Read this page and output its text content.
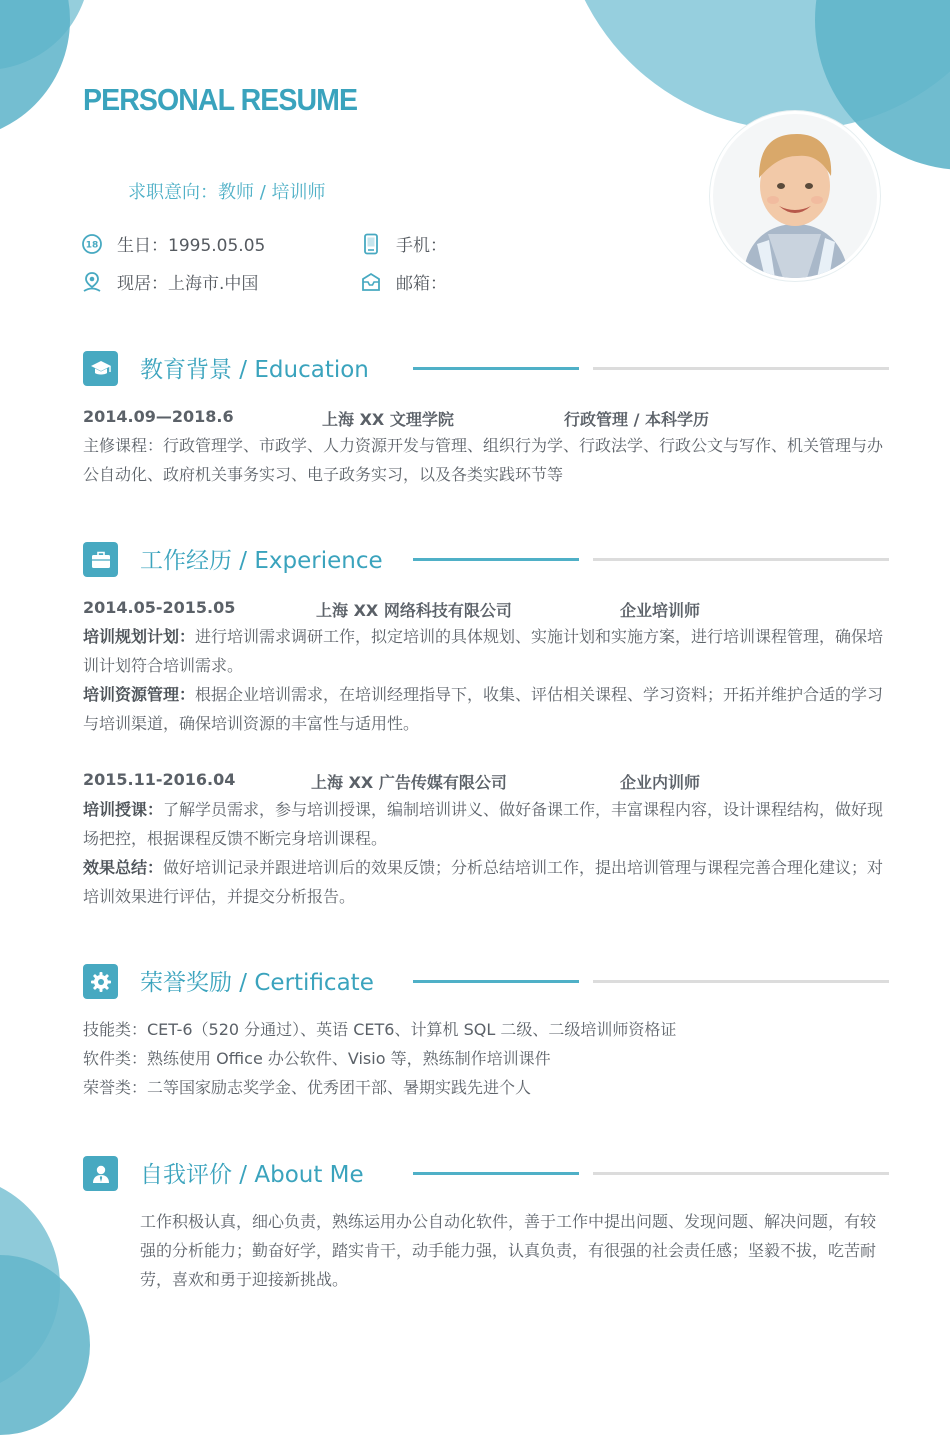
PERSONAL RESUME
求职意向：教师 / 培训师
18 生日：1995.05.05	手机：
现居：上海市.中国	邮箱：
教育背景 / Education
2014.09—2018.6	上海 XX 文理学院	行政管理 / 本科学历

主修课程：行政管理学、市政学、人力资源开发与管理、组织行为学、行政法学、行政公文与写作、机关管理与办公自动化、政府机关事务实习、电子政务实习，以及各类实践环节等

工作经历 / Experience
2014.05-2015.05	上海 XX 网络科技有限公司	企业培训师

培训规划计划：进行培训需求调研工作，拟定培训的具体规划、实施计划和实施方案，进行培训课程管理，确保培训计划符合培训需求。

培训资源管理：根据企业培训需求，在培训经理指导下，收集、评估相关课程、学习资料；开拓并维护合适的学习与培训渠道，确保培训资源的丰富性与适用性。

2015.11-2016.04	上海 XX 广告传媒有限公司	企业内训师

培训授课：了解学员需求，参与培训授课，编制培训讲义、做好备课工作，丰富课程内容，设计课程结构，做好现场把控，根据课程反馈不断完身培训课程。

效果总结：做好培训记录并跟进培训后的效果反馈；分析总结培训工作，提出培训管理与课程完善合理化建议；对培训效果进行评估，并提交分析报告。

荣誉奖励 / Certificate

技能类：CET-6（520 分通过）、英语 CET6、计算机 SQL 二级、二级培训师资格证

软件类：熟练使用 Office 办公软件、Visio 等，熟练制作培训课件

荣誉类：二等国家励志奖学金、优秀团干部、暑期实践先进个人

自我评价 / About Me

工作积极认真，细心负责，熟练运用办公自动化软件，善于工作中提出问题、发现问题、解决问题，有较强的分析能力；勤奋好学，踏实肯干，动手能力强，认真负责，有很强的社会责任感；坚毅不拔，吃苦耐劳，喜欢和勇于迎接新挑战。
